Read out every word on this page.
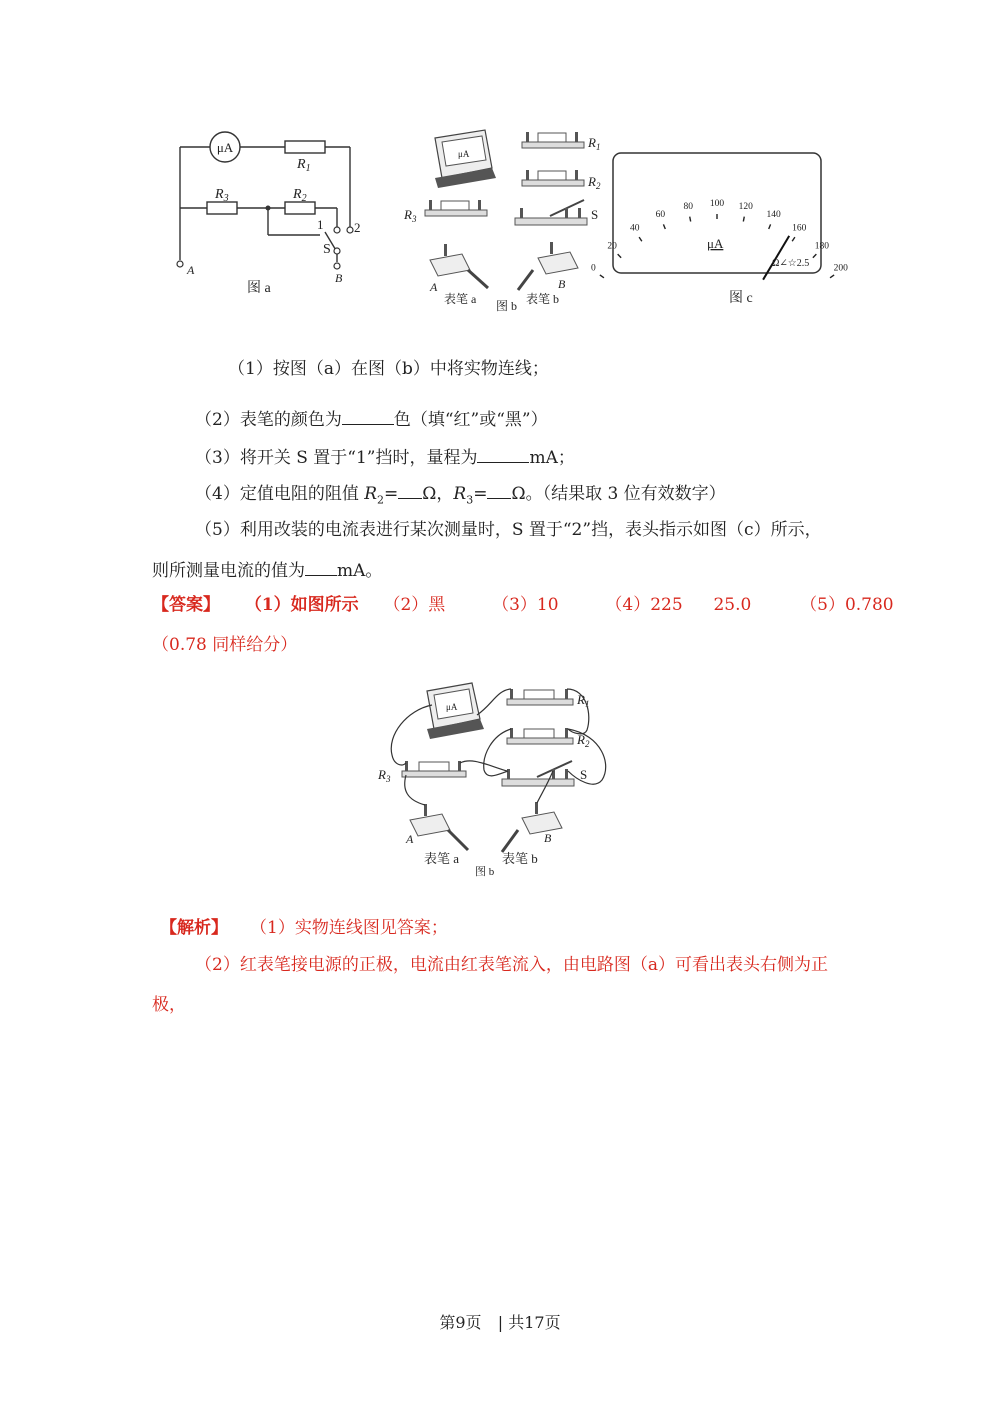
μA
$R_1$
$R_3$	$R_2$
1 2
S
A
B
图 a
μA
$R_1$
$R_2$
$R_3$	S
A	B
表笔 a	表笔 b
图 b
0
20
40
60
80 100 120
140
160
180
200
μA
Ω∠☆2.5
图 c
（1）按图（a）在图（b）中将实物连线；
（2）表笔的颜色为	色（填“红”或“黑”）
（3）将开关 S 置于“1”挡时，量程为	mA；
（4）定值电阻的阻值 $R_2= \Omega$，$R_3= \Omega$。（结果取 3 位有效数字）
（5）利用改装的电流表进行某次测量时，S 置于“2”挡，表头指示如图（c）所示，
则所测量电流的值为 mA。
【答案】 （1）如图所示 （2）黑	（3）10	（4）225 25.0	（5）0.780
（0.78 同样给分）
μA	$R_1$
$R_2$
$R_3$	S
A	B
表笔 a	表笔 b
图 b
【解析】 （1）实物连线图见答案；
（2）红表笔接电源的正极，电流由红表笔流入，由电路图（a）可看出表头右侧为正
极，
第9页 | 共17页
